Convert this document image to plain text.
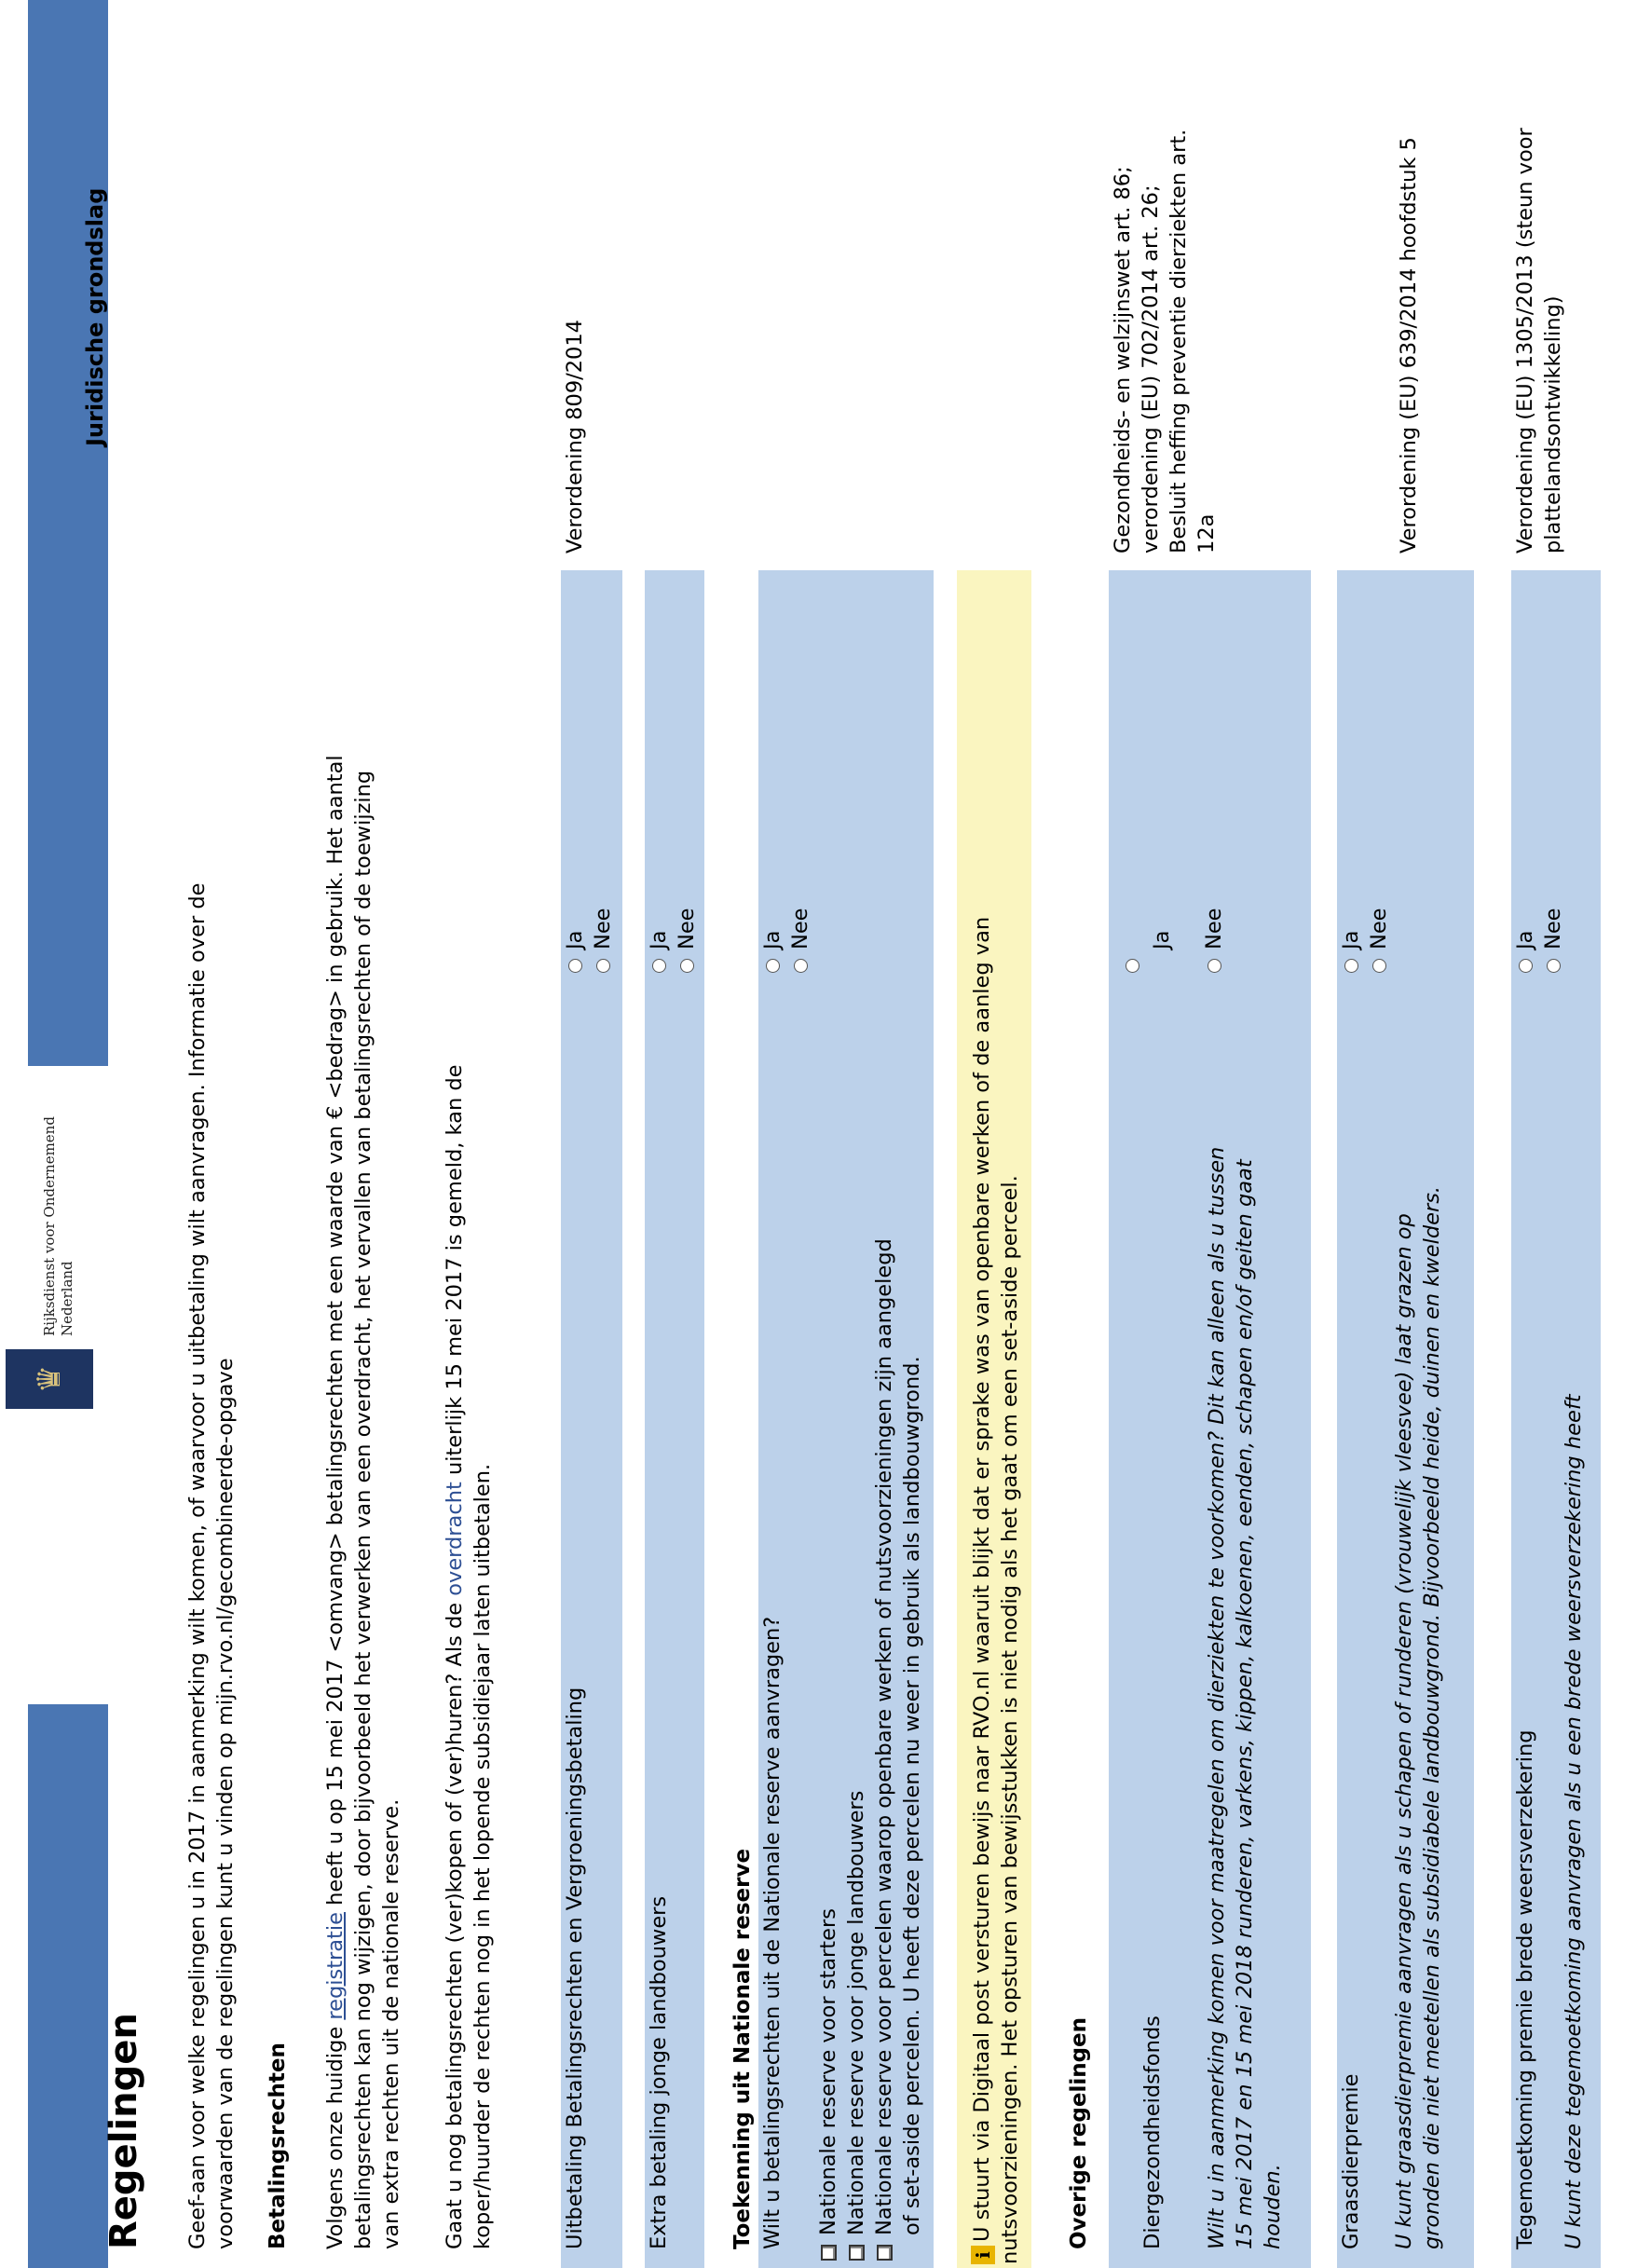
♛
Rijksdienst voor Ondernemend Nederland
Juridische grondslag
Regelingen Geef-aan voor welke regelingen u in 2017 in aanmerking wilt komen, of waarvoor u uitbetaling wilt aanvragen. Informatie over de voorwaarden van de regelingen kunt u vinden op mijn.rvo.nl/gecombineerde-opgave Betalingsrechten Volgens onze huidige registratie heeft u op 15 mei 2017 <omvang> betalingsrechten met een waarde van € <bedrag> in gebruik. Het aantal betalingsrechten kan nog wijzigen, door bijvoorbeeld het verwerken van een overdracht, het vervallen van betalingsrechten of de toewijzing van extra rechten uit de nationale reserve. Gaat u nog betalingsrechten (ver)kopen of (ver)huren? Als de overdracht uiterlijk 15 mei 2017 is gemeld, kan de
koper/huurder de rechten nog in het lopende subsidiejaar laten uitbetalen.	Uitbetaling Betalingsrechten en Vergroeningsbetaling
Ja Nee
Verordening 809/2014
Extra betaling jonge landbouwers
Ja Nee
Toekenning uit Nationale reserve Wilt u betalingsrechten uit de Nationale reserve aanvragen?
Ja Nee
Nationale reserve voor starters Nationale reserve voor jonge landbouwers Nationale reserve voor percelen waarop openbare werken of nutsvoorzieningen zijn aangelegd of set-aside percelen. U heeft deze percelen nu weer in gebruik als landbouwgrond.
iU stuurt via Digitaal post versturen bewijs naar RVO.nl waaruit blijkt dat er sprake was van openbare werken of de aanleg van nutsvoorzieningen. Het opsturen van bewijsstukken is niet nodig als het gaat om een set-aside perceel. Overige regelingen Diergezondheidsfonds
Ja
Wilt u in aanmerking komen voor maatregelen om dierziekten te voorkomen? Dit kan alleen als u tussen 15 mei 2017 en 15 mei 2018 runderen, varkens, kippen, kalkoenen, eenden, schapen en/of geiten gaat houden.
Nee
Gezondheids- en welzijnswet art. 86; verordening (EU) 702/2014 art. 26; Besluit heffing preventie dierziekten art. 12a
Graasdierpremie
Ja Nee
U kunt graasdierpremie aanvragen als u schapen of runderen (vrouwelijk vleesvee) laat grazen op gronden die niet meetellen als subsidiabele landbouwgrond. Bijvoorbeeld heide, duinen en kwelders.
Verordening (EU) 639/2014 hoofdstuk 5
Tegemoetkoming premie brede weersverzekering
Ja Nee
U kunt deze tegemoetkoming aanvragen als u een brede weersverzekering heeft
Verordening (EU) 1305/2013 (steun voor plattelandsontwikkeling)
